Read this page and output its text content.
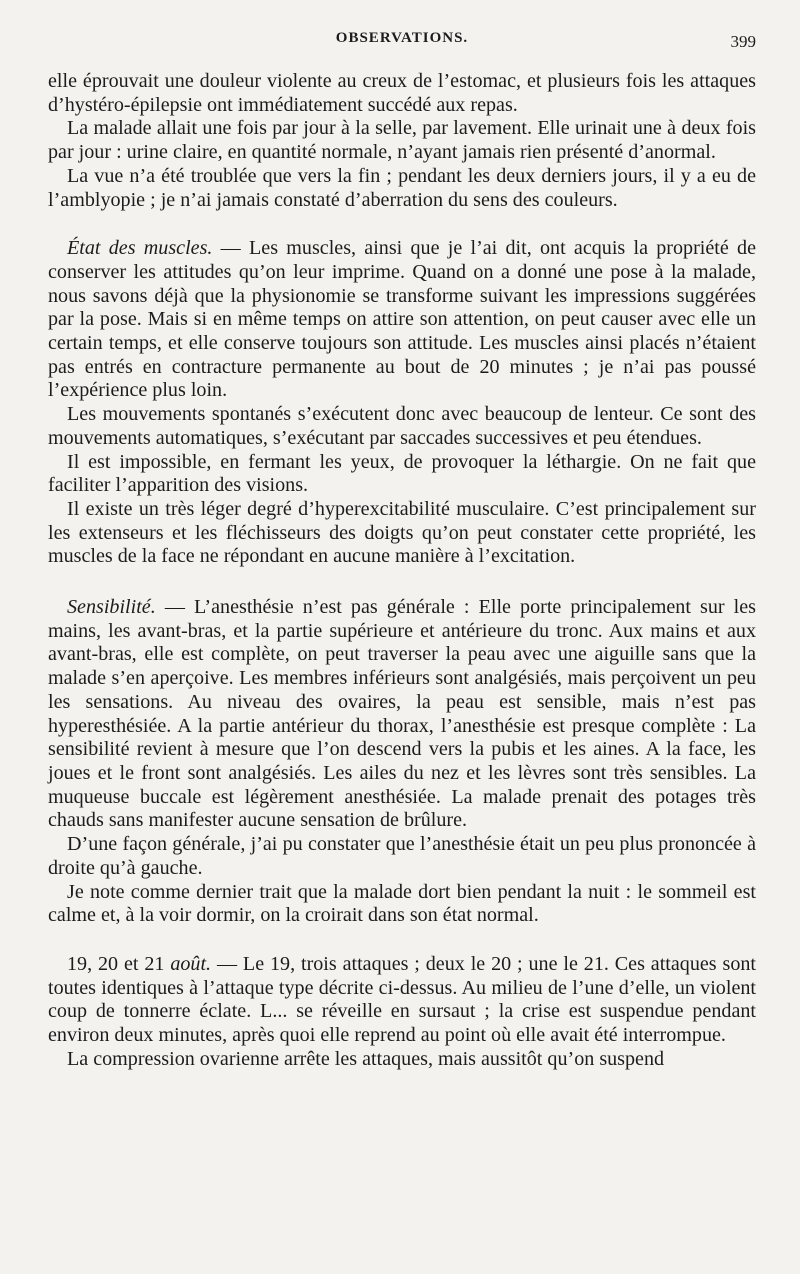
OBSERVATIONS.	399

elle éprouvait une douleur violente au creux de l’estomac, et plusieurs fois les attaques d’hystéro-épilepsie ont immédiatement succédé aux repas.

La malade allait une fois par jour à la selle, par lavement. Elle urinait une à deux fois par jour : urine claire, en quantité normale, n’ayant jamais rien présenté d’anormal.

La vue n’a été troublée que vers la fin ; pendant les deux derniers jours, il y a eu de l’amblyopie ; je n’ai jamais constaté d’aberration du sens des couleurs.

État des muscles. — Les muscles, ainsi que je l’ai dit, ont acquis la propriété de conserver les attitudes qu’on leur imprime. Quand on a donné une pose à la malade, nous savons déjà que la physionomie se transforme suivant les impressions suggérées par la pose. Mais si en même temps on attire son attention, on peut causer avec elle un certain temps, et elle conserve toujours son attitude. Les muscles ainsi placés n’étaient pas entrés en contracture permanente au bout de 20 minutes ; je n’ai pas poussé l’expérience plus loin.

Les mouvements spontanés s’exécutent donc avec beaucoup de lenteur. Ce sont des mouvements automatiques, s’exécutant par saccades successives et peu étendues.

Il est impossible, en fermant les yeux, de provoquer la léthargie. On ne fait que faciliter l’apparition des visions.

Il existe un très léger degré d’hyperexcitabilité musculaire. C’est principalement sur les extenseurs et les fléchisseurs des doigts qu’on peut constater cette propriété, les muscles de la face ne répondant en aucune manière à l’excitation.

Sensibilité. — L’anesthésie n’est pas générale : Elle porte principalement sur les mains, les avant-bras, et la partie supérieure et antérieure du tronc. Aux mains et aux avant-bras, elle est complète, on peut traverser la peau avec une aiguille sans que la malade s’en aperçoive. Les membres inférieurs sont analgésiés, mais perçoivent un peu les sensations. Au niveau des ovaires, la peau est sensible, mais n’est pas hyperesthésiée. A la partie antérieur du thorax, l’anesthésie est presque complète : La sensibilité revient à mesure que l’on descend vers la pubis et les aines. A la face, les joues et le front sont analgésiés. Les ailes du nez et les lèvres sont très sensibles. La muqueuse buccale est légèrement anesthésiée. La malade prenait des potages très chauds sans manifester aucune sensation de brûlure.

D’une façon générale, j’ai pu constater que l’anesthésie était un peu plus prononcée à droite qu’à gauche.

Je note comme dernier trait que la malade dort bien pendant la nuit : le sommeil est calme et, à la voir dormir, on la croirait dans son état normal.

19, 20 et 21 août. — Le 19, trois attaques ; deux le 20 ; une le 21. Ces attaques sont toutes identiques à l’attaque type décrite ci-dessus. Au milieu de l’une d’elle, un violent coup de tonnerre éclate. L... se réveille en sursaut ; la crise est suspendue pendant environ deux minutes, après quoi elle reprend au point où elle avait été interrompue.

La compression ovarienne arrête les attaques, mais aussitôt qu’on suspend
